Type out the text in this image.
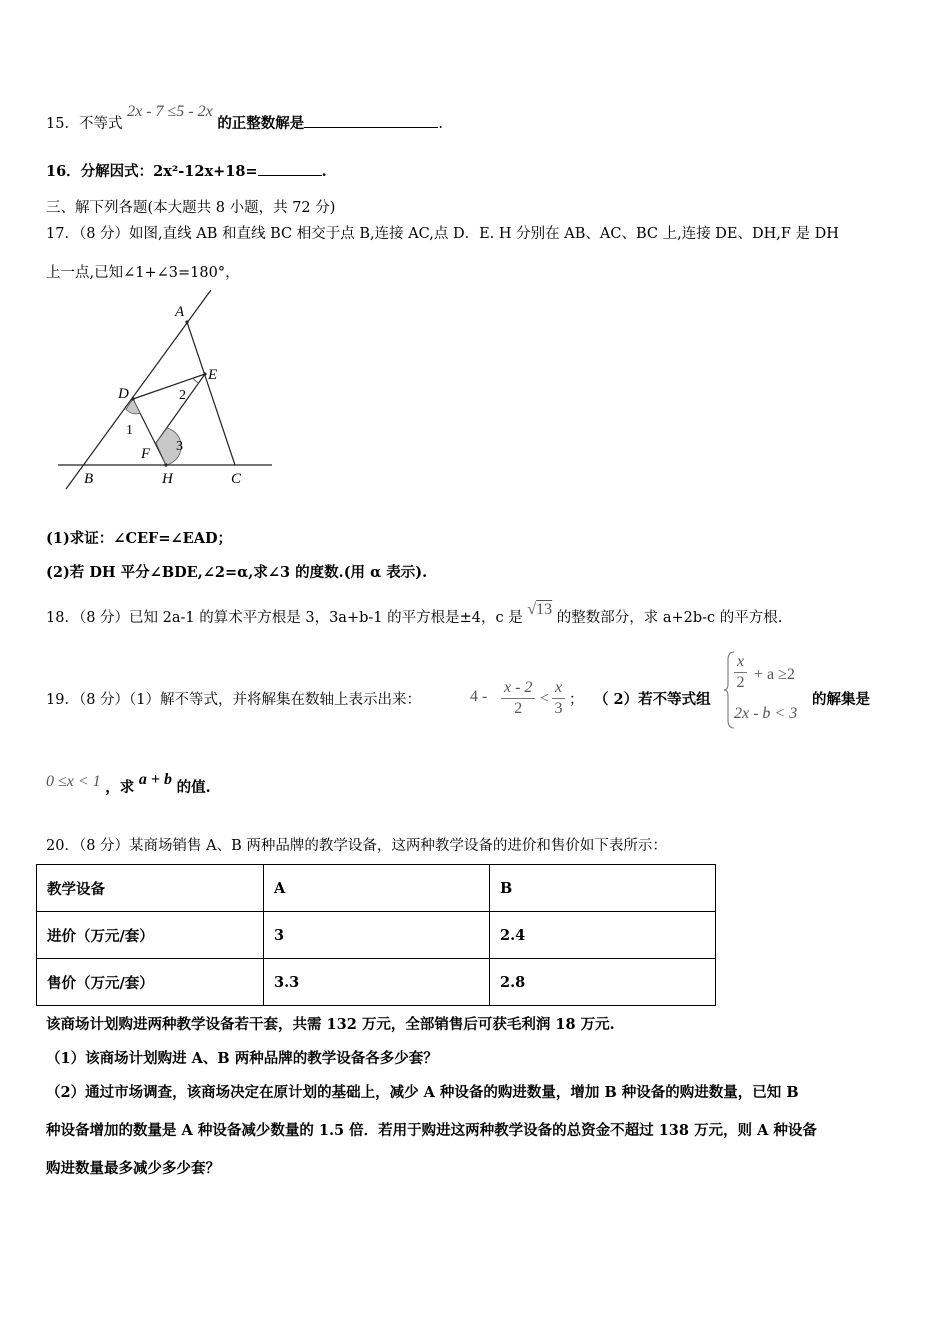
15．不等式 2x - 7 ≤5 - 2x 的正整数解是	.
16．分解因式：2x²-12x+18=	.
三、解下列各题(本大题共 8 小题，共 72 分)
17．（8 分）如图,直线 AB 和直线 BC 相交于点 B,连接 AC,点 D．E. H 分别在 AB、AC、BC 上,连接 DE、DH,F 是 DH
上一点,已知∠1+∠3=180°，
A
D
E
F
B	H	C
1
2
3
(1)求证：∠CEF=∠EAD；
(2)若 DH 平分∠BDE,∠2=α,求∠3 的度数.(用 α 表示).
18．（8 分）已知 2a-1 的算术平方根是 3，3a+b-1 的平方根是±4，c 是 √13 的整数部分，求 a+2b-c 的平方根.
19．（8 分）（1）解不等式，并将解集在数轴上表示出来：	$4 - \frac{x - 2}{2} < \frac{x}{3}$ ； （ 2）若不等式组
$\frac{x}{2} + a \ge 2$
2x - b < 3
的解集是
0 ≤x < 1 ，求 a + b 的值.
20．（8 分）某商场销售 A、B 两种品牌的教学设备，这两种教学设备的进价和售价如下表所示：
教学设备	A	B
进价（万元/套）	3	2.4
售价（万元/套）	3.3	2.8
该商场计划购进两种教学设备若干套，共需 132 万元，全部销售后可获毛利润 18 万元.
（1）该商场计划购进 A、B 两种品牌的教学设备各多少套？
（2）通过市场调查，该商场决定在原计划的基础上，减少 A 种设备的购进数量，增加 B 种设备的购进数量，已知 B
种设备增加的数量是 A 种设备减少数量的 1.5 倍．若用于购进这两种教学设备的总资金不超过 138 万元，则 A 种设备
购进数量最多减少多少套？
